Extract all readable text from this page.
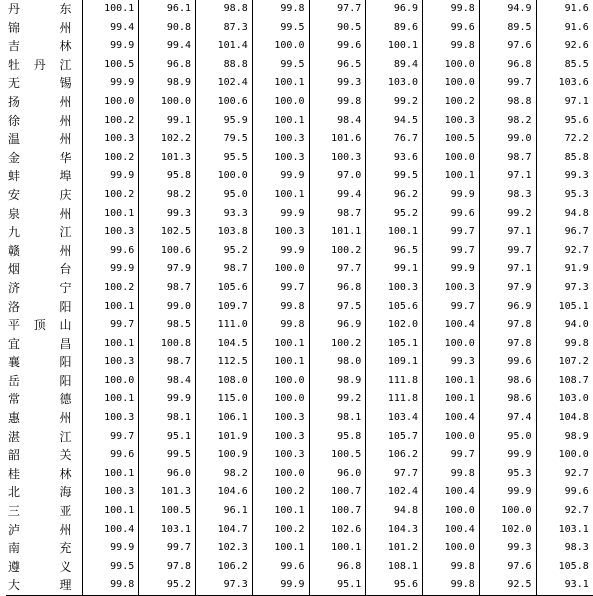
丹东	100.1	96.1	98.8	99.8	97.7	96.9	99.8	94.9	91.6
锦州	99.4	90.8	87.3	99.5	90.5	89.6	99.6	89.5	91.6
吉林	99.9	99.4	101.4	100.0	99.6	100.1	99.8	97.6	92.6
牡丹江	100.5	96.8	88.8	99.5	96.5	89.4	100.0	96.8	85.5
无锡	99.9	98.9	102.4	100.1	99.3	103.0	100.0	99.7	103.6
扬州	100.0	100.0	100.6	100.0	99.8	99.2	100.2	98.8	97.1
徐州	100.2	99.1	95.9	100.1	98.4	94.5	100.3	98.2	95.6
温州	100.3	102.2	79.5	100.3	101.6	76.7	100.5	99.0	72.2
金华	100.2	101.3	95.5	100.3	100.3	93.6	100.0	98.7	85.8
蚌埠	99.9	95.8	100.0	99.9	97.0	99.5	100.1	97.1	99.3
安庆	100.2	98.2	95.0	100.1	99.4	96.2	99.9	98.3	95.3
泉州	100.1	99.3	93.3	99.9	98.7	95.2	99.6	99.2	94.8
九江	100.3	102.5	103.8	100.3	101.1	100.1	99.7	97.1	96.7
赣州	99.6	100.6	95.2	99.9	100.2	96.5	99.7	99.7	92.7
烟台	99.9	97.9	98.7	100.0	97.7	99.1	99.9	97.1	91.9
济宁	100.2	98.7	105.6	99.7	96.8	100.3	100.3	97.9	97.3
洛阳	100.1	99.0	109.7	99.8	97.5	105.6	99.7	96.9	105.1
平顶山	99.7	98.5	111.0	99.8	96.9	102.0	100.4	97.8	94.0
宜昌	100.1	100.8	104.5	100.1	100.2	105.1	100.0	97.8	99.8
襄阳	100.3	98.7	112.5	100.1	98.0	109.1	99.3	99.6	107.2
岳阳	100.0	98.4	108.0	100.0	98.9	111.8	100.1	98.6	108.7
常德	100.1	99.9	115.0	100.0	99.2	111.8	100.1	98.6	103.0
惠州	100.3	98.1	106.1	100.3	98.1	103.4	100.4	97.4	104.8
湛江	99.7	95.1	101.9	100.3	95.8	105.7	100.0	95.0	98.9
韶关	99.6	99.5	100.9	100.3	100.5	106.2	99.7	99.9	100.0
桂林	100.1	96.0	98.2	100.0	96.0	97.7	99.8	95.3	92.7
北海	100.3	101.3	104.6	100.2	100.7	102.4	100.4	99.9	99.6
三亚	100.1	100.5	96.1	100.1	100.7	94.8	100.0	100.0	92.7
泸州	100.4	103.1	104.7	100.2	102.6	104.3	100.4	102.0	103.1
南充	99.9	99.7	102.3	100.1	100.1	101.2	100.0	99.3	98.3
遵义	99.5	97.8	106.2	99.6	96.8	108.1	99.8	97.6	105.8
大理	99.8	95.2	97.3	99.9	95.1	95.6	99.8	92.5	93.1
